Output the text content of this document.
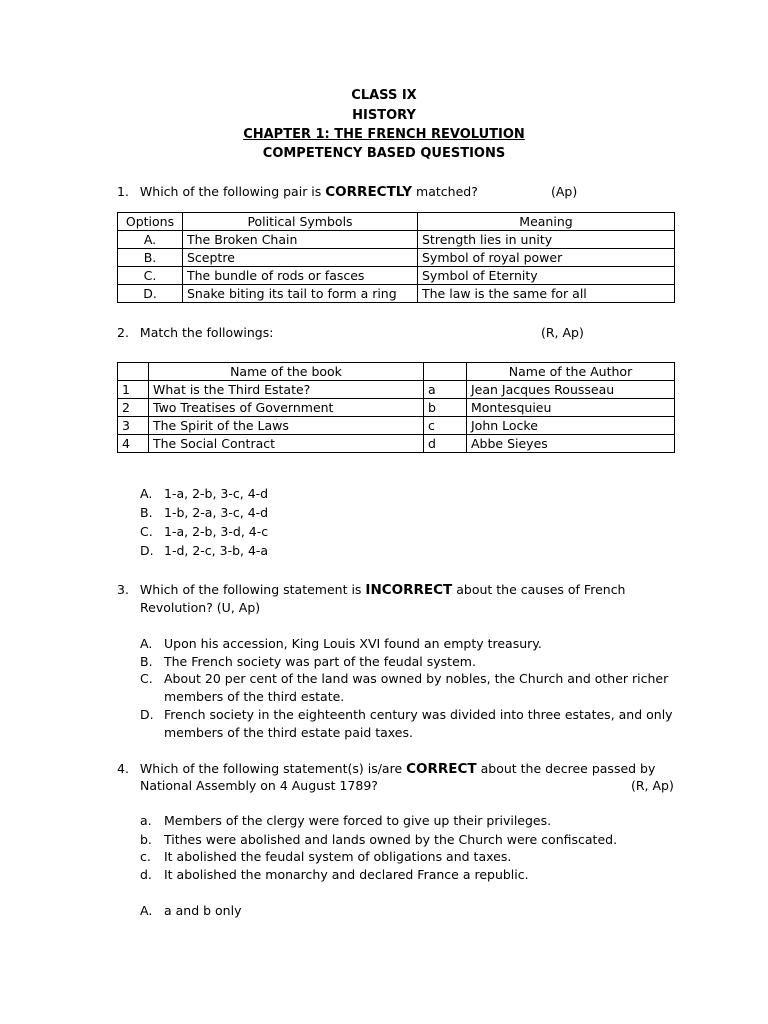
CLASS IX
HISTORY
CHAPTER 1: THE FRENCH REVOLUTION
COMPETENCY BASED QUESTIONS
1. Which of the following pair is CORRECTLY matched?	(Ap)
Options	Political Symbols	Meaning
A.	The Broken Chain	Strength lies in unity
B.	Sceptre	Symbol of royal power
C.	The bundle of rods or fasces	Symbol of Eternity
D.	Snake biting its tail to form a ring	The law is the same for all
2. Match the followings:	(R, Ap)
	Name of the book		Name of the Author
1	What is the Third Estate?	a	Jean Jacques Rousseau
2	Two Treatises of Government	b	Montesquieu
3	The Spirit of the Laws	c	John Locke
4	The Social Contract	d	Abbe Sieyes
A. 1-a, 2-b, 3-c, 4-d
B. 1-b, 2-a, 3-c, 4-d
C. 1-a, 2-b, 3-d, 4-c
D. 1-d, 2-c, 3-b, 4-a
3. Which of the following statement is INCORRECT about the causes of French
Revolution? (U, Ap)
A. Upon his accession, King Louis XVI found an empty treasury.
B. The French society was part of the feudal system.
C. About 20 per cent of the land was owned by nobles, the Church and other richer
members of the third estate.
D. French society in the eighteenth century was divided into three estates, and only
members of the third estate paid taxes.
4. Which of the following statement(s) is/are CORRECT about the decree passed by
National Assembly on 4 August 1789?	(R, Ap)
a. Members of the clergy were forced to give up their privileges.
b. Tithes were abolished and lands owned by the Church were confiscated.
c. It abolished the feudal system of obligations and taxes.
d. It abolished the monarchy and declared France a republic.
A. a and b only
